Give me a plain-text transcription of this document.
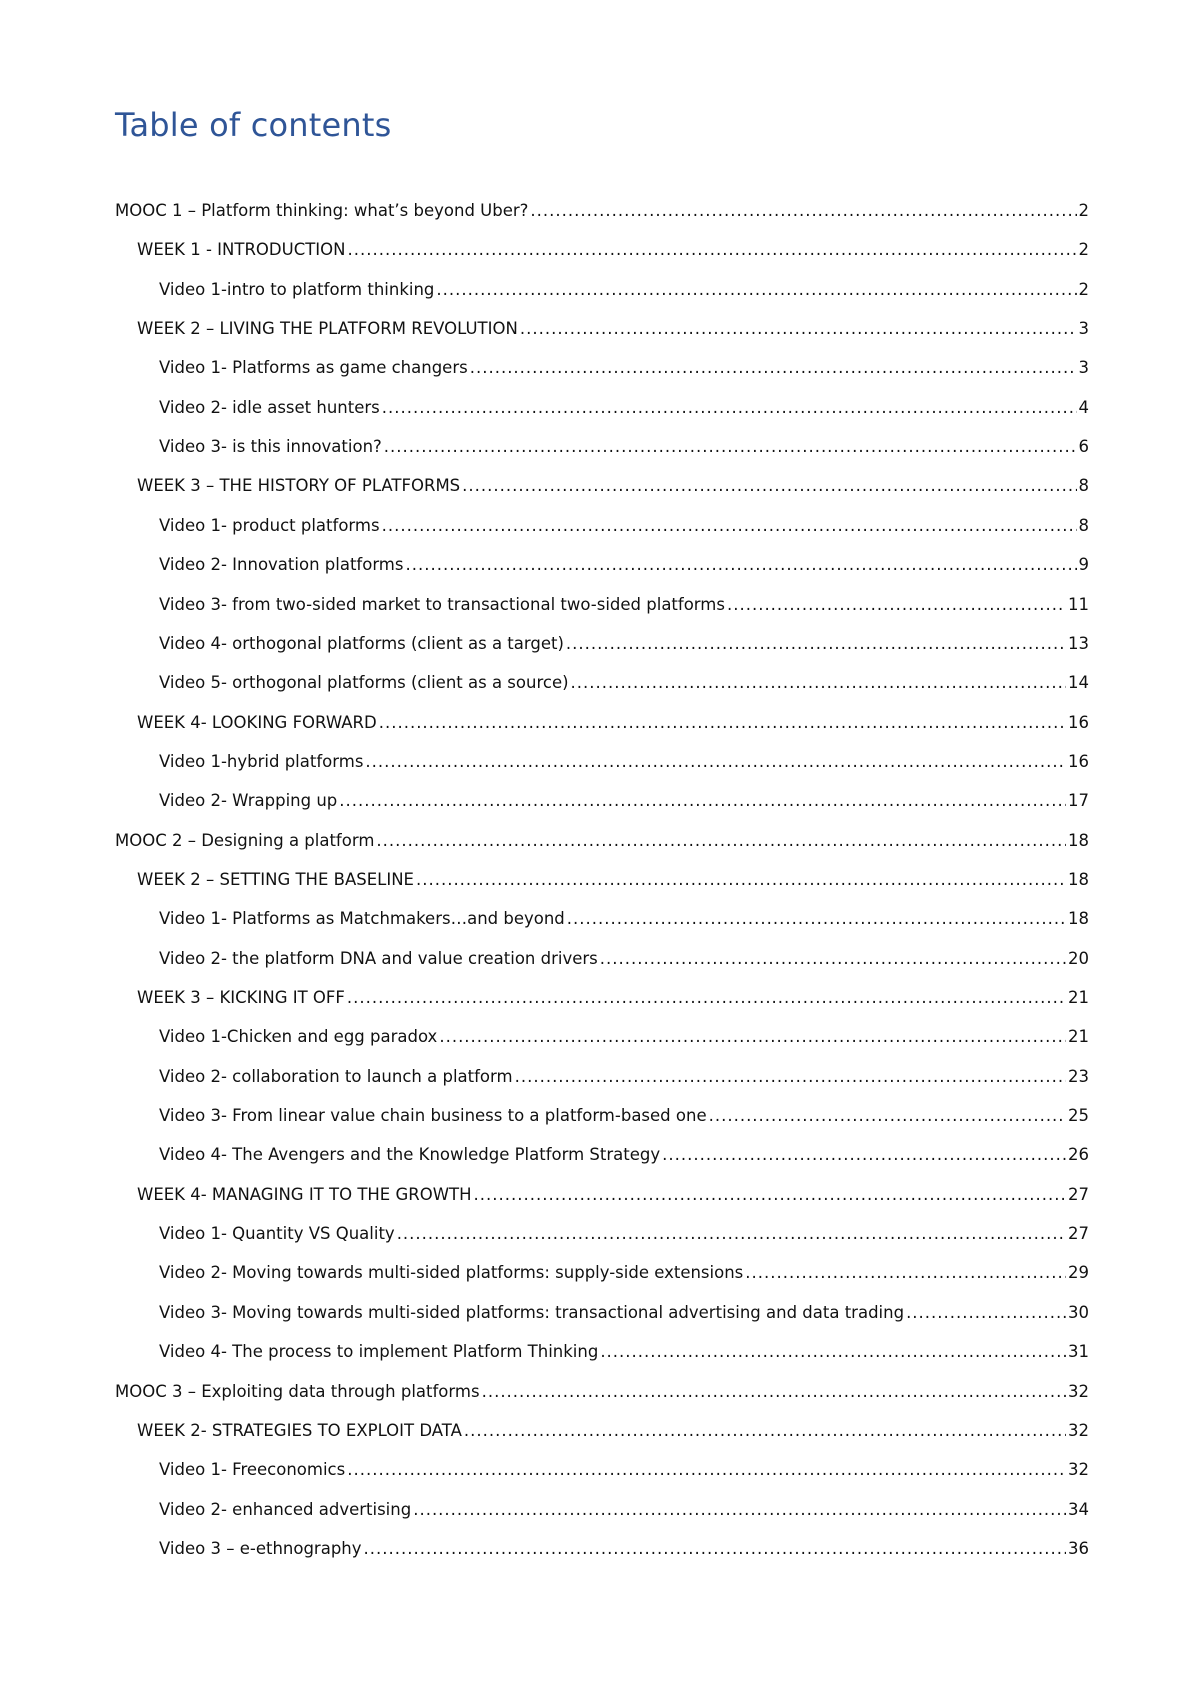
Table of contents
MOOC 1 – Platform thinking: what’s beyond Uber? .....	2
WEEK 1 - INTRODUCTION .....	2
Video 1-intro to platform thinking .....	2
WEEK 2 – LIVING THE PLATFORM REVOLUTION .....	3
Video 1- Platforms as game changers .....	3
Video 2- idle asset hunters .....	4
Video 3- is this innovation? .....	6
WEEK 3 – THE HISTORY OF PLATFORMS .....	8
Video 1- product platforms .....	8
Video 2- Innovation platforms .....	9
Video 3- from two-sided market to transactional two-sided platforms .....	11
Video 4- orthogonal platforms (client as a target) .....	13
Video 5- orthogonal platforms (client as a source) .....	14
WEEK 4- LOOKING FORWARD .....	16
Video 1-hybrid platforms .....	16
Video 2- Wrapping up .....	17
MOOC 2 – Designing a platform .....	18
WEEK 2 – SETTING THE BASELINE .....	18
Video 1- Platforms as Matchmakers…and beyond .....	18
Video 2- the platform DNA and value creation drivers .....	20
WEEK 3 – KICKING IT OFF .....	21
Video 1-Chicken and egg paradox .....	21
Video 2- collaboration to launch a platform .....	23
Video 3- From linear value chain business to a platform-based one .....	25
Video 4- The Avengers and the Knowledge Platform Strategy .....	26
WEEK 4- MANAGING IT TO THE GROWTH .....	27
Video 1- Quantity VS Quality .....	27
Video 2- Moving towards multi-sided platforms: supply-side extensions .....	29
Video 3- Moving towards multi-sided platforms: transactional advertising and data trading .....	30
Video 4- The process to implement Platform Thinking .....	31
MOOC 3 – Exploiting data through platforms .....	32
WEEK 2- STRATEGIES TO EXPLOIT DATA .....	32
Video 1- Freeconomics .....	32
Video 2- enhanced advertising .....	34
Video 3 – e-ethnography .....	36
